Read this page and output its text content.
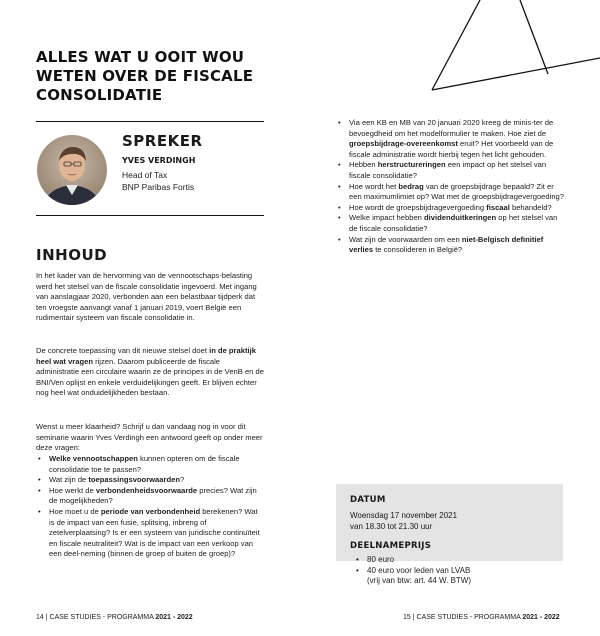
ALLES WAT U OOIT WOU WETEN OVER DE FISCALE CONSOLIDATIE
SPREKER
YVES VERDINGH
Head of Tax
BNP Paribas Fortis
INHOUD

In het kader van de hervorming van de vennootschaps-belasting werd het stelsel van de fiscale consolidatie ingevoerd. Met ingang van aanslagjaar 2020, verbonden aan een belastbaar tijdperk dat ten vroegste aanvangt vanaf 1 januari 2019, voert België een rudimentair systeem van fiscale consolidatie in.

De concrete toepassing van dit nieuwe stelsel doet in de praktijk heel wat vragen rijzen. Daarom publiceerde de fiscale administratie een circulaire waarin ze de principes in de VenB en de BNI/Ven oplijst en enkele verduidelijkingen geeft. Er blijven echter nog heel wat onduidelijkheden bestaan.

Wenst u meer klaarheid? Schrijf u dan vandaag nog in voor dit seminarie waarin Yves Verdingh een antwoord geeft op onder meer deze vragen:

• Welke vennootschappen kunnen opteren om de fiscale consolidatie toe te passen?
• Wat zijn de toepassingsvoorwaarden?
• Hoe werkt de verbondenheidsvoorwaarde precies? Wat zijn de mogelijkheden?
• Hoe moet u de periode van verbondenheid berekenen? Wat is de impact van een fusie, splitsing, inbreng of zetelverplaatsing? Is er een systeem van juridische continuïteit en fiscale neutraliteit? Wat is de impact van een verkoop van een deel-neming (binnen de groep of buiten de groep)?
• Via een KB en MB van 20 januari 2020 kreeg de minis-ter de bevoegdheid om het modelformulier te maken. Hoe ziet de groepsbijdrage-overeenkomst eruit? Het voorbeeld van de fiscale administratie wordt hierbij tegen het licht gehouden.
• Hebben herstructureringen een impact op het stelsel van fiscale consolidatie?
• Hoe wordt het bedrag van de groepsbijdrage bepaald? Zit er een maximumlimiet op? Wat met de groepsbijdragevergoeding?
• Hoe wordt de groepsbijdragevergoeding fiscaal behandeld?
• Welke impact hebben dividenduitkeringen op het stelsel van de fiscale consolidatie?
• Wat zijn de voorwaarden om een niet-Belgisch definitief verlies te consolideren in België?
DATUM
Woensdag 17 november 2021
van 18.30 tot 21.30 uur
DEELNAMEPRIJS
• 80 euro
• 40 euro voor leden van LVAB
(vrij van btw: art. 44 W. BTW)
14 | CASE STUDIES - PROGRAMMA 2021 - 2022	15 | CASE STUDIES - PROGRAMMA 2021 - 2022
